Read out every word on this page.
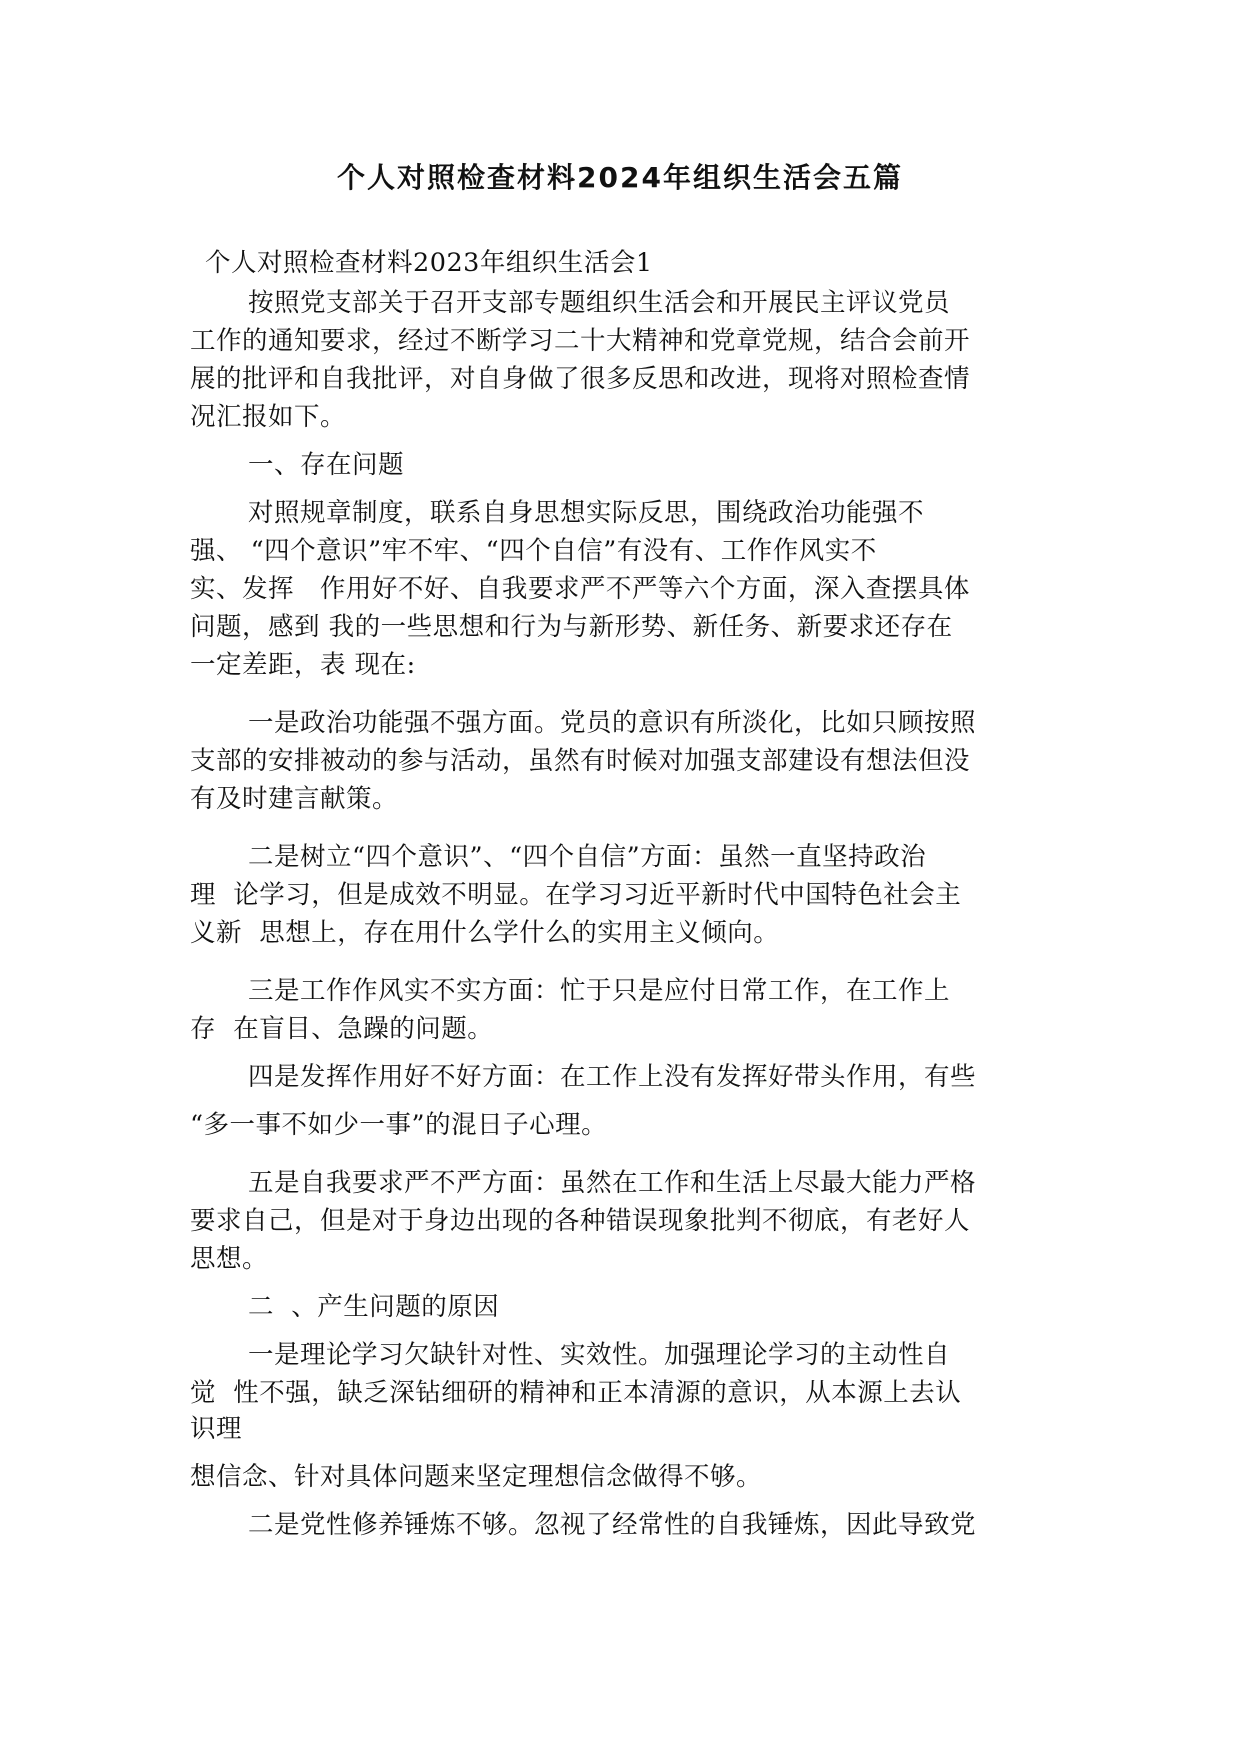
个人对照检查材料2024年组织生活会五篇

个人对照检查材料2023年组织生活会1

按照党支部关于召开支部专题组织生活会和开展民主评议党员

工作的通知要求，经过不断学习二十大精神和党章党规，结合会前开

展的批评和自我批评，对自身做了很多反思和改进，现将对照检查情

况汇报如下。

一、存在问题

对照规章制度，联系自身思想实际反思，围绕政治功能强不

强、 “四个意识”牢不牢、“四个自信”有没有、工作作风实不

实、发挥   作用好不好、自我要求严不严等六个方面，深入查摆具体

问题，感到 我的一些思想和行为与新形势、新任务、新要求还存在

一定差距，表 现在:

一是政治功能强不强方面。党员的意识有所淡化，比如只顾按照

支部的安排被动的参与活动，虽然有时候对加强支部建设有想法但没

有及时建言献策。

二是树立“四个意识”、“四个自信”方面：虽然一直坚持政治

理  论学习，但是成效不明显。在学习习近平新时代中国特色社会主

义新  思想上，存在用什么学什么的实用主义倾向。

三是工作作风实不实方面：忙于只是应付日常工作，在工作上

存  在盲目、急躁的问题。

四是发挥作用好不好方面：在工作上没有发挥好带头作用，有些

“多一事不如少一事”的混日子心理。

五是自我要求严不严方面：虽然在工作和生活上尽最大能力严格

要求自己，但是对于身边出现的各种错误现象批判不彻底，有老好人

思想。

二  、产生问题的原因

一是理论学习欠缺针对性、实效性。加强理论学习的主动性自

觉  性不强，缺乏深钻细研的精神和正本清源的意识，从本源上去认

识理

想信念、针对具体问题来坚定理想信念做得不够。

二是党性修养锤炼不够。忽视了经常性的自我锤炼，因此导致党
